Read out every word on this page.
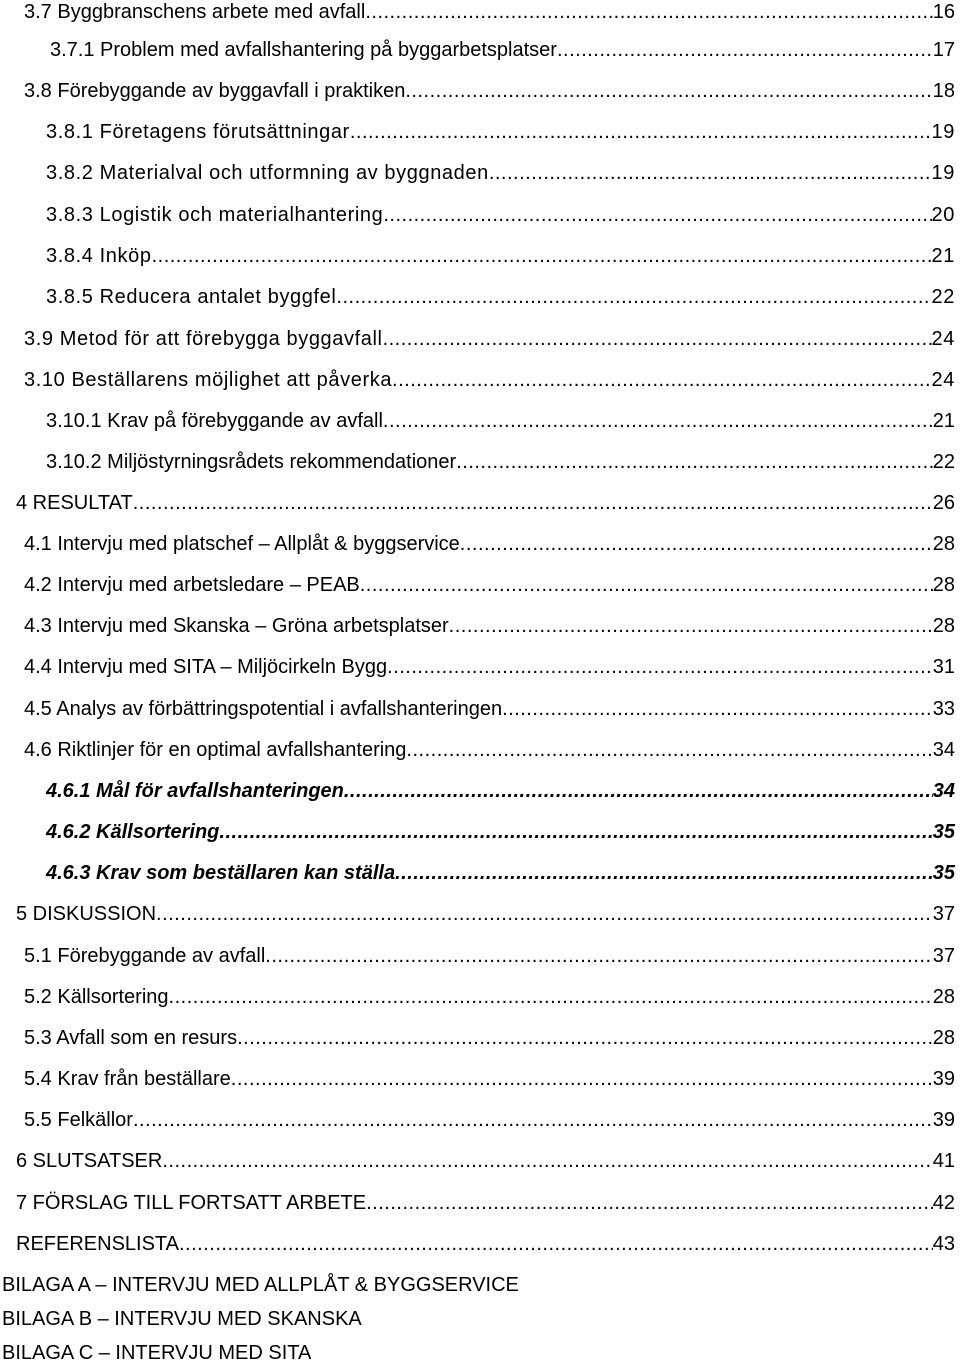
3.7 Byggbranschens arbete med avfall .....	16
3.7.1 Problem med avfallshantering på byggarbetsplatser .....	17
3.8 Förebyggande av byggavfall i praktiken .....	18
3.8.1 Företagens förutsättningar .....	19
3.8.2 Materialval och utformning av byggnaden .....	19
3.8.3 Logistik och materialhantering .....	20
3.8.4 Inköp .....	21
3.8.5 Reducera antalet byggfel .....	22
3.9 Metod för att förebygga byggavfall .....	24
3.10 Beställarens möjlighet att påverka .....	24
3.10.1 Krav på förebyggande av avfall .....	21
3.10.2 Miljöstyrningsrådets rekommendationer .....	22
4 RESULTAT .....	26
4.1 Intervju med platschef – Allplåt & byggservice .....	28
4.2 Intervju med arbetsledare – PEAB .....	28
4.3 Intervju med Skanska – Gröna arbetsplatser .....	28
4.4 Intervju med SITA – Miljöcirkeln Bygg .....	31
4.5 Analys av förbättringspotential i avfallshanteringen .....	33
4.6 Riktlinjer för en optimal avfallshantering .....	34
4.6.1 Mål för avfallshanteringen .....	34
4.6.2 Källsortering .....	35
4.6.3 Krav som beställaren kan ställa .....	35
5 DISKUSSION .....	37
5.1 Förebyggande av avfall .....	37
5.2 Källsortering .....	28
5.3 Avfall som en resurs .....	28
5.4 Krav från beställare .....	39
5.5 Felkällor .....	39
6 SLUTSATSER .....	41
7 FÖRSLAG TILL FORTSATT ARBETE .....	42
REFERENSLISTA .....	43
BILAGA A – INTERVJU MED ALLPLÅT & BYGGSERVICE
BILAGA B – INTERVJU MED SKANSKA
BILAGA C – INTERVJU MED SITA
